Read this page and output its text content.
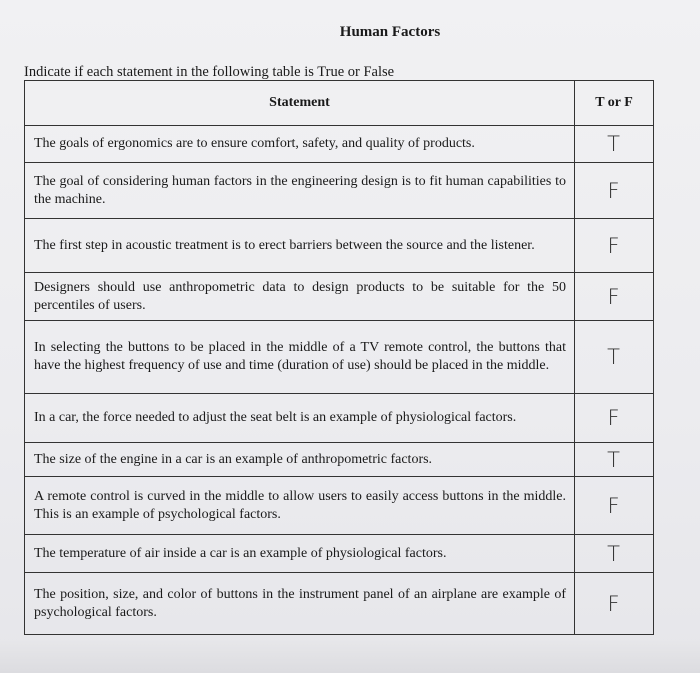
Human Factors
Indicate if each statement in the following table is True or False
Statement	T or F
The goals of ergonomics are to ensure comfort, safety, and quality of products.	T
The goal of considering human factors in the engineering design is to fit human capabilities to the machine.	F
The first step in acoustic treatment is to erect barriers between the source and the listener.	F
Designers should use anthropometric data to design products to be suitable for the 50 percentiles of users.	F
In selecting the buttons to be placed in the middle of a TV remote control, the buttons that have the highest frequency of use and time (duration of use) should be placed in the middle.	T
In a car, the force needed to adjust the seat belt is an example of physiological factors.	F
The size of the engine in a car is an example of anthropometric factors.	T
A remote control is curved in the middle to allow users to easily access buttons in the middle. This is an example of psychological factors.	F
The temperature of air inside a car is an example of physiological factors.	T
The position, size, and color of buttons in the instrument panel of an airplane are example of psychological factors.	F
